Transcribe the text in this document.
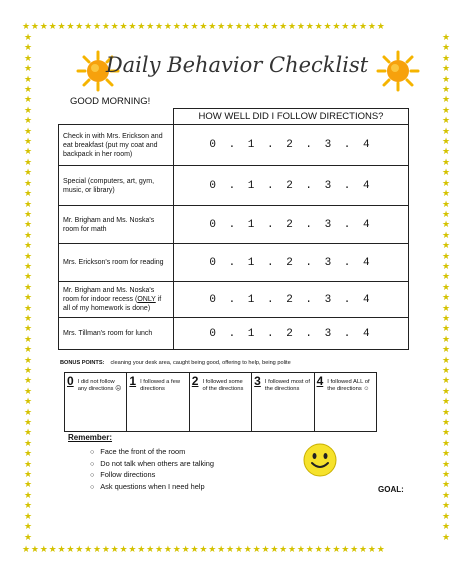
★★★★★★★★★★★★★★★★★★★★★★★★★★★★★★★★★★★★★★★★★
★★★★★★★★★★★★★★★★★★★★★★★★★★★★★★★★★★★★★★★★★
★
★
★
★
★
★
★
★
★
★
★
★
★
★
★
★
★
★
★
★
★
★
★
★
★
★
★
★
★
★
★
★
★
★
★
★
★
★
★
★
★
★
★
★
★
★
★
★
★
★
★
★
★
★
★
★
★
★
★
★
★
★
★
★
★
★
★
★
★
★
★
★
★
★
★
★
★
★
★
★
★
★
★
★
★
★
★
★
★
★
★
★
★
★
★
★
★
★
Daily Behavior Checklist
GOOD MORNING!
	HOW WELL DID I FOLLOW DIRECTIONS?
Check in with Mrs. Erickson and eat breakfast (put my coat and backpack in her room)	0 . 1 . 2 . 3 . 4
Special (computers, art, gym, music, or library)	0 . 1 . 2 . 3 . 4
Mr. Brigham and Ms. Noska's room for math	0 . 1 . 2 . 3 . 4
Mrs. Erickson's room for reading	0 . 1 . 2 . 3 . 4
Mr. Brigham and Ms. Noska's room for indoor recess (ONLY if all of my homework is done)	0 . 1 . 2 . 3 . 4
Mrs. Tillman's room for lunch	0 . 1 . 2 . 3 . 4
BONUS POINTS: cleaning your desk area, caught being good, offering to help, being polite
0 I did not follow any directions ☹

1 I followed a few directions

2 I followed some of the directions

3 I followed most of the directions

4 I followed ALL of the directions ☺
Remember:
○ Face the front of the room
○ Do not talk when others are talking
○ Follow directions
○ Ask questions when I need help	GOAL:
